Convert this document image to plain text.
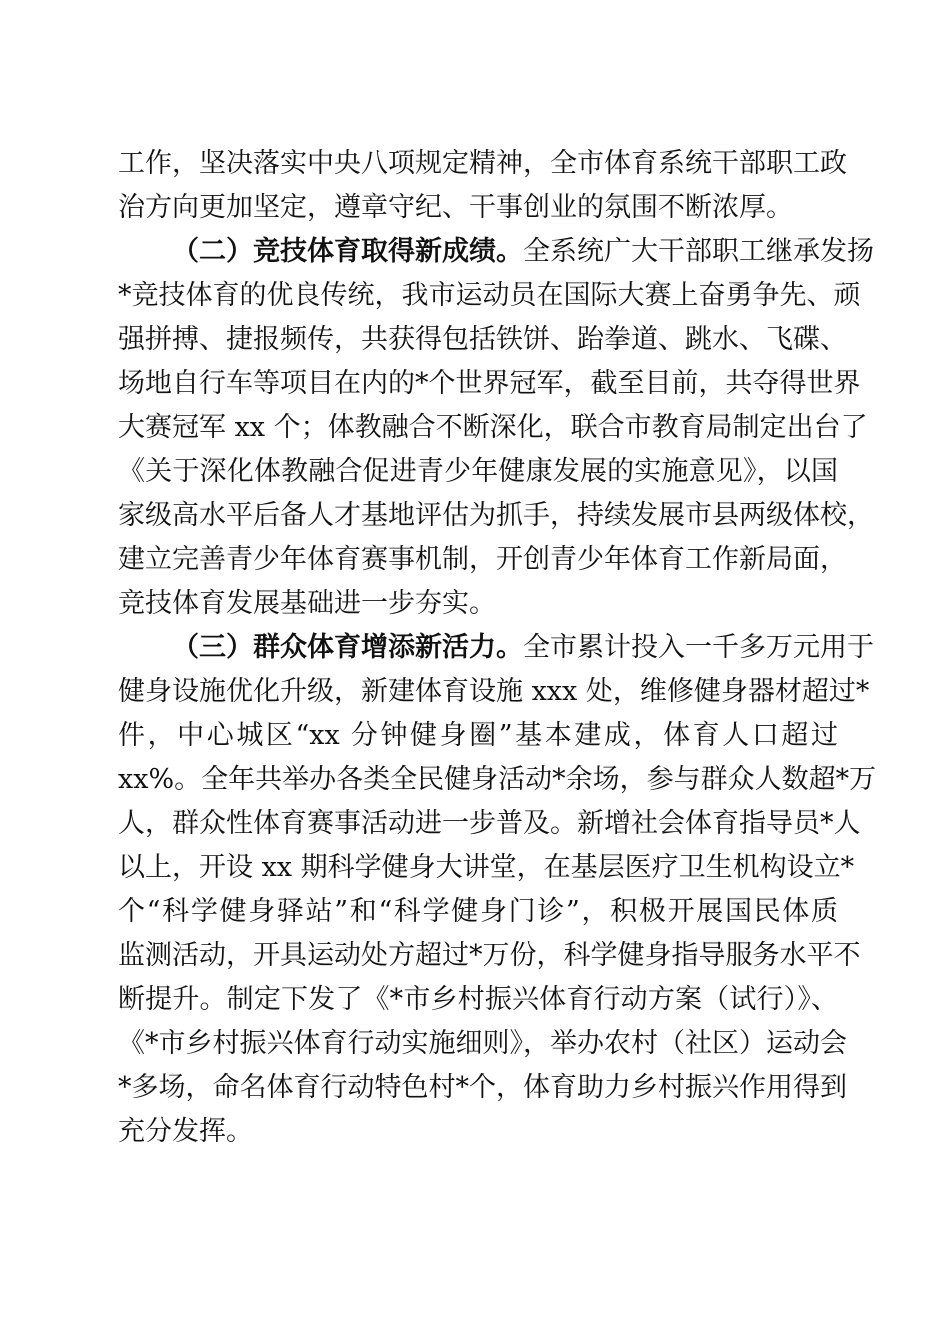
工作，坚决落实中央八项规定精神，全市体育系统干部职工政
治方向更加坚定，遵章守纪、干事创业的氛围不断浓厚。
（二）竞技体育取得新成绩。全系统广大干部职工继承发扬
*竞技体育的优良传统，我市运动员在国际大赛上奋勇争先、顽
强拼搏、捷报频传，共获得包括铁饼、跆拳道、跳水、飞碟、
场地自行车等项目在内的*个世界冠军，截至目前，共夺得世界
大赛冠军 xx 个；体教融合不断深化，联合市教育局制定出台了
《关于深化体教融合促进青少年健康发展的实施意见》，以国
家级高水平后备人才基地评估为抓手，持续发展市县两级体校，
建立完善青少年体育赛事机制，开创青少年体育工作新局面，
竞技体育发展基础进一步夯实。
（三）群众体育增添新活力。全市累计投入一千多万元用于
健身设施优化升级，新建体育设施 xxx 处，维修健身器材超过*
件，中心城区“xx 分钟健身圈”基本建成，体育人口超过
xx%。全年共举办各类全民健身活动*余场，参与群众人数超*万
人，群众性体育赛事活动进一步普及。新增社会体育指导员*人
以上，开设 xx 期科学健身大讲堂，在基层医疗卫生机构设立*
个“科学健身驿站”和“科学健身门诊”，积极开展国民体质
监测活动，开具运动处方超过*万份，科学健身指导服务水平不
断提升。制定下发了《*市乡村振兴体育行动方案（试行）》、
《*市乡村振兴体育行动实施细则》，举办农村（社区）运动会
*多场，命名体育行动特色村*个，体育助力乡村振兴作用得到
充分发挥。
